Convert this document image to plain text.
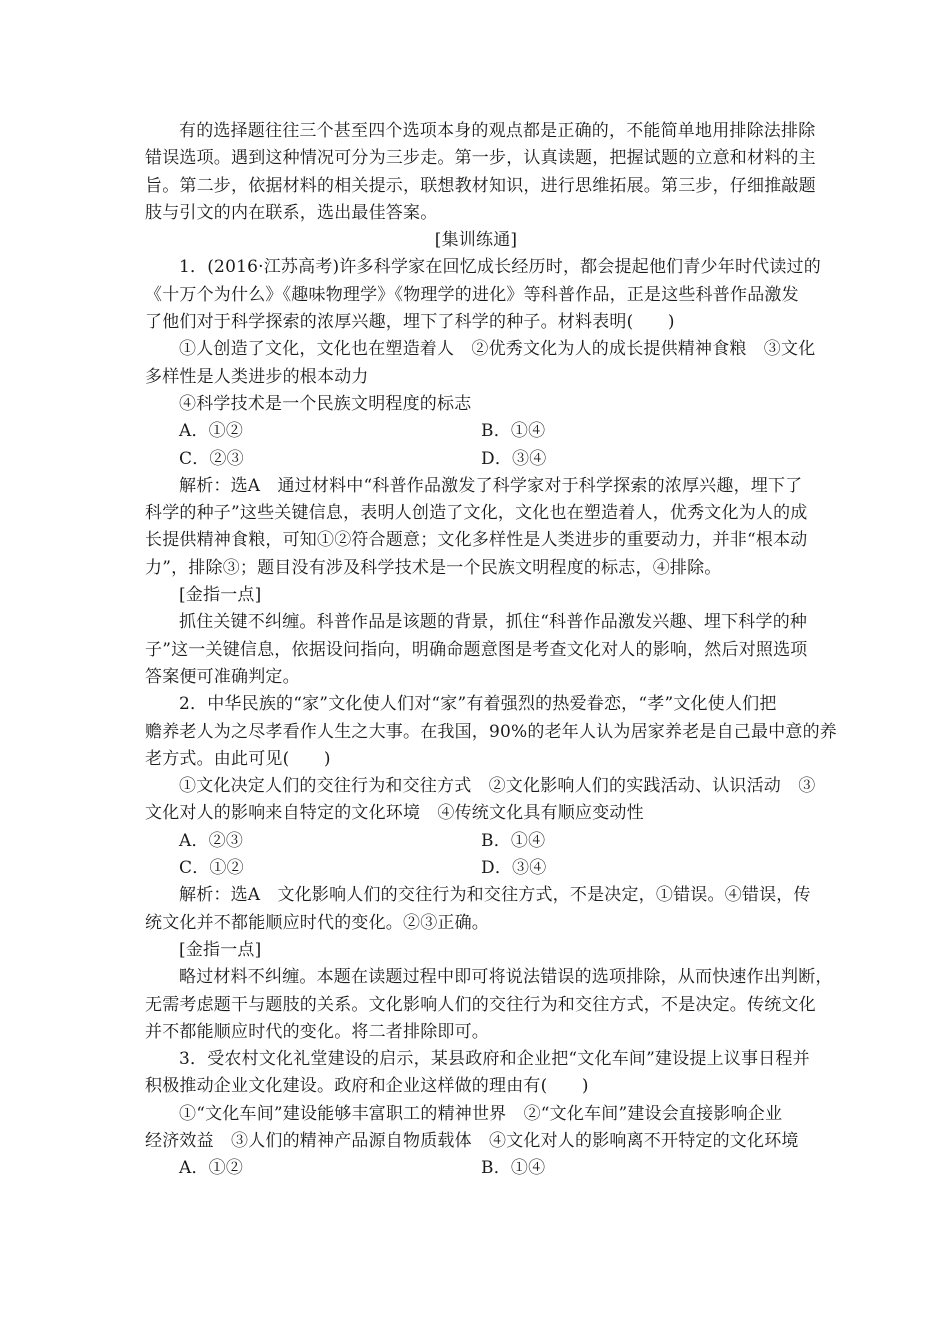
有的选择题往往三个甚至四个选项本身的观点都是正确的，不能简单地用排除法排除
错误选项。遇到这种情况可分为三步走。第一步，认真读题，把握试题的立意和材料的主
旨。第二步，依据材料的相关提示，联想教材知识，进行思维拓展。第三步，仔细推敲题
肢与引文的内在联系，选出最佳答案。
[集训练通]
1．(2016·江苏高考)许多科学家在回忆成长经历时，都会提起他们青少年时代读过的
《十万个为什么》《趣味物理学》《物理学的进化》等科普作品，正是这些科普作品激发
了他们对于科学探索的浓厚兴趣，埋下了科学的种子。材料表明(　　)
①人创造了文化，文化也在塑造着人　②优秀文化为人的成长提供精神食粮　③文化
多样性是人类进步的根本动力
④科学技术是一个民族文明程度的标志
A．①②	B．①④
C．②③	D．③④
解析：选A　通过材料中“科普作品激发了科学家对于科学探索的浓厚兴趣，埋下了
科学的种子”这些关键信息，表明人创造了文化，文化也在塑造着人，优秀文化为人的成
长提供精神食粮，可知①②符合题意；文化多样性是人类进步的重要动力，并非“根本动
力”，排除③；题目没有涉及科学技术是一个民族文明程度的标志，④排除。
[金指一点]
抓住关键不纠缠。科普作品是该题的背景，抓住“科普作品激发兴趣、埋下科学的种
子”这一关键信息，依据设问指向，明确命题意图是考查文化对人的影响，然后对照选项
答案便可准确判定。
2．中华民族的“家”文化使人们对“家”有着强烈的热爱眷恋，“孝”文化使人们把
赡养老人为之尽孝看作人生之大事。在我国，90%的老年人认为居家养老是自己最中意的养
老方式。由此可见(　　)
①文化决定人们的交往行为和交往方式　②文化影响人们的实践活动、认识活动　③
文化对人的影响来自特定的文化环境　④传统文化具有顺应变动性
A．②③	B．①④
C．①②	D．③④
解析：选A　文化影响人们的交往行为和交往方式，不是决定，①错误。④错误，传
统文化并不都能顺应时代的变化。②③正确。
[金指一点]
略过材料不纠缠。本题在读题过程中即可将说法错误的选项排除，从而快速作出判断，
无需考虑题干与题肢的关系。文化影响人们的交往行为和交往方式，不是决定。传统文化
并不都能顺应时代的变化。将二者排除即可。
3．受农村文化礼堂建设的启示，某县政府和企业把“文化车间”建设提上议事日程并
积极推动企业文化建设。政府和企业这样做的理由有(　　)
①“文化车间”建设能够丰富职工的精神世界　②“文化车间”建设会直接影响企业
经济效益　③人们的精神产品源自物质载体　④文化对人的影响离不开特定的文化环境
A．①②	B．①④
